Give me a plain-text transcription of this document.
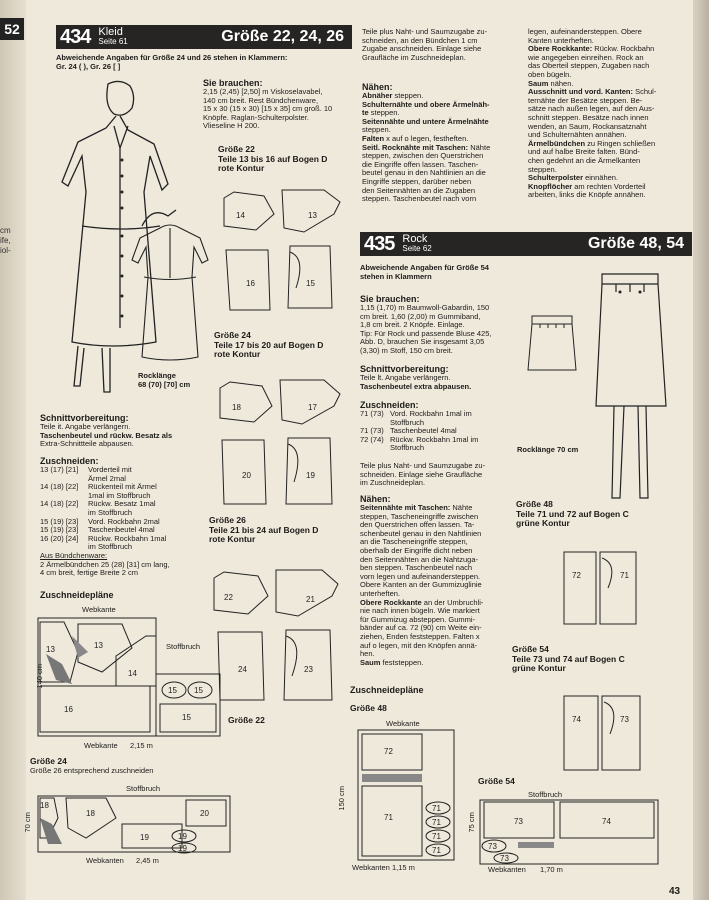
52
cm
ife,
iol-
434 Kleid
Seite 61	Größe 22, 24, 26
Abweichende Angaben für Größe 24 und 26 stehen in Klammern:
Gr. 24 ( ), Gr. 26 [ ]
Rocklänge
68 (70) [70] cm
Sie brauchen:
2,15 (2,45) [2,50] m Viskoselavabel,
140 cm breit. Rest Bündchenware,
15 x 30 (15 x 30) [15 x 35] cm groß. 10
Knöpfe. Raglan-Schulterpolster.
Vlieseline H 200.
Größe 22
Teile 13 bis 16 auf Bogen D
rote Kontur
14	13
16	15
Größe 24
Teile 17 bis 20 auf Bogen D
rote Kontur
18	17
20	19
Größe 26
Teile 21 bis 24 auf Bogen D
rote Kontur
22	21
24	23
Schnittvorbereitung:
Teile it. Angabe verlängern.
Taschenbeutel und rückw. Besatz als
Extra-Schnittteile abpausen.
Zuschneiden:
13 (17) [21] Vorderteil mit
Ärmel 2mal
14 (18) [22] Rückenteil mit Ärmel
1mal im Stoffbruch
14 (18) [22] Rückw. Besatz 1mal
im Stoffbruch
15 (19) [23] Vord. Rockbahn 2mal
15 (19) [23] Taschenbeutel 4mal
16 (20) [24] Rückw. Rockbahn 1mal
im Stoffbruch
Aus Bündchenware:
2 Ärmelbündchen 25 (28) [31] cm lang,
4 cm breit, fertige Breite 2 cm
Zuschneidepläne
Webkante
Stoffbruch
140 cm
13	13
16
14
15 15
15
Webkante 2,15 m
Größe 22
Größe 24
Größe 26 entsprechend zuschneiden
Stoffbruch
70 cm
18
18
19
20
19
19
Webkanten 2,45 m
Teile plus Naht- und Saumzugabe zu-
schneiden, an den Bündchen 1 cm
Zugabe anschneiden. Einlage siehe
Graufläche im Zuschneideplan.
Nähen:
Abnäher steppen.
Schulternähte und obere Ärmelnäh-
te steppen.
Seitennähte und untere Ärmelnähte
steppen.
Falten x auf o legen, festheften.
Seitl. Rocknähte mit Taschen: Nähte
steppen, zwischen den Querstrichen
die Eingriffe offen lassen. Taschen-
beutel genau in den Nahtlinien an die
Eingriffe steppen, darüber neben
den Seitennähten an die Zugaben
steppen. Taschenbeutel nach vorn
legen, aufeinandersteppen. Obere
Kanten unterheften.
Obere Rockkante: Rückw. Rockbahn
wie angegeben einreihen. Rock an
das Oberteil steppen, Zugaben nach
oben bügeln.
Saum nähen.
Ausschnitt und vord. Kanten: Schul-
ternähte der Besätze steppen. Be-
sätze nach außen legen, auf den Aus-
schnitt steppen. Besätze nach innen
wenden, an Saum, Rockansatznaht
und Schulternähten annähen.
Ärmelbündchen zu Ringen schließen
und auf halbe Breite falten. Bünd-
chen gedehnt an die Ärmelkanten
steppen.
Schulterpolster einnähen.
Knopflöcher am rechten Vorderteil
arbeiten, links die Knöpfe annähen.
435 Rock
Seite 62	Größe 48, 54
Abweichende Angaben für Größe 54
stehen in Klammern
Sie brauchen:
1,15 (1,70) m Baumwoll-Gabardin, 150
cm breit. 1,60 (2,00) m Gummiband,
1,8 cm breit. 2 Knöpfe. Einlage.
Tip: Für Rock und passende Bluse 425,
Abb. D, brauchen Sie insgesamt 3,05
(3,30) m Stoff, 150 cm breit.
Schnittvorbereitung:
Teile lt. Angabe verlängern.
Taschenbeutel extra abpausen.
Zuschneiden:
71 (73) Vord. Rockbahn 1mal im
Stoffbruch
71 (73) Taschenbeutel 4mal
72 (74) Rückw. Rockbahn 1mal im
Stoffbruch
Teile plus Naht- und Saumzugabe zu-
schneiden. Einlage siehe Graufläche
im Zuschneideplan.
Nähen:
Seitennähte mit Taschen: Nähte
steppen, Tascheneingriffe zwischen
den Querstrichen offen lassen. Ta-
schenbeutel genau in den Nahtlinien
an die Tascheneingriffe steppen,
oberhalb der Eingriffe dicht neben
den Seitennähten an die Nahtzuga-
ben steppen. Taschenbeutel nach
vorn legen und aufeinandersteppen.
Obere Kanten an der Gummizuglinie
unterheften.
Obere Rockkante an der Umbruchli-
nie nach innen bügeln. Wie markiert
für Gummizug absteppen. Gummi-
bänder auf ca. 72 (90) cm Weite ein-
ziehen, Enden feststeppen. Falten x
auf o legen, mit den Knöpfen annä-
hen.
Saum feststeppen.
Zuschneidepläne
Größe 48
Webkante
150 cm
72
71
71
71
71
71
Webkanten 1,15 m
Größe 54
Stoffbruch
75 cm	73	74
73
73
Webkanten 1,70 m
Rocklänge 70 cm
Größe 48
Teile 71 und 72 auf Bogen C
grüne Kontur
72	71
Größe 54
Teile 73 und 74 auf Bogen C
grüne Kontur
74	73
43
